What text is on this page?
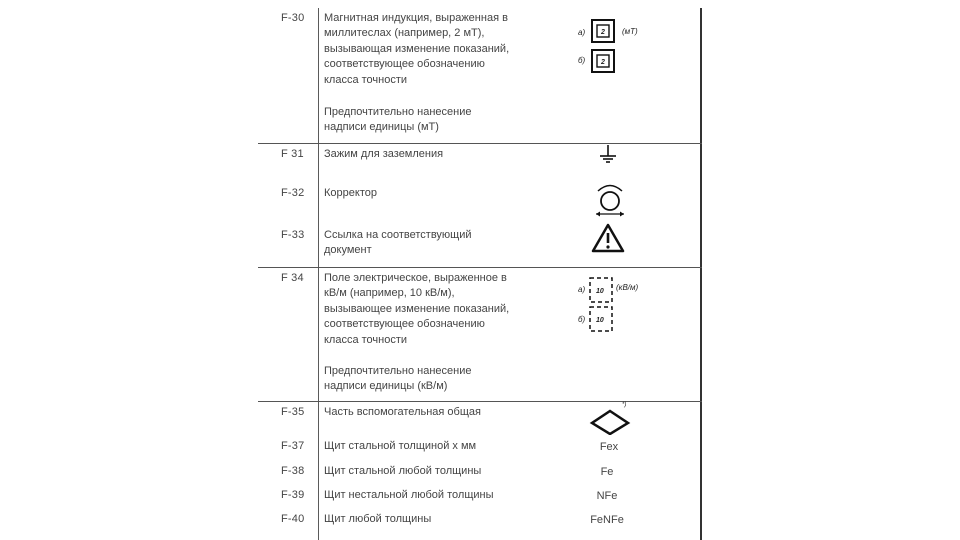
F-30 Магнитная индукция, выраженная в миллитеслах (например, 2 мТ), вызывающая изменение показаний, соответствующее обозначению класса точности
Предпочтительно нанесение надписи единицы (мТ)
а)
б)
(мТ)
2
2
F 31 Зажим для заземления
F-32 Корректор
F-33 Ссылка на соответствующий документ
F 34 Поле электрическое, выраженное в кВ/м (например, 10 кВ/м), вызывающее изменение показаний, соответствующее обозначению класса точности
Предпочтительно нанесение надписи единицы (кВ/м)
а)
б)
(кВ/м)
10
10
F-35 Часть вспомогательная общая
*)
F-37 Щит стальной толщиной х мм	Fex
F-38 Щит стальной любой толщины	Fe
F-39 Щит нестальной любой толщины	NFe
F-40 Щит любой толщины	FeNFe
